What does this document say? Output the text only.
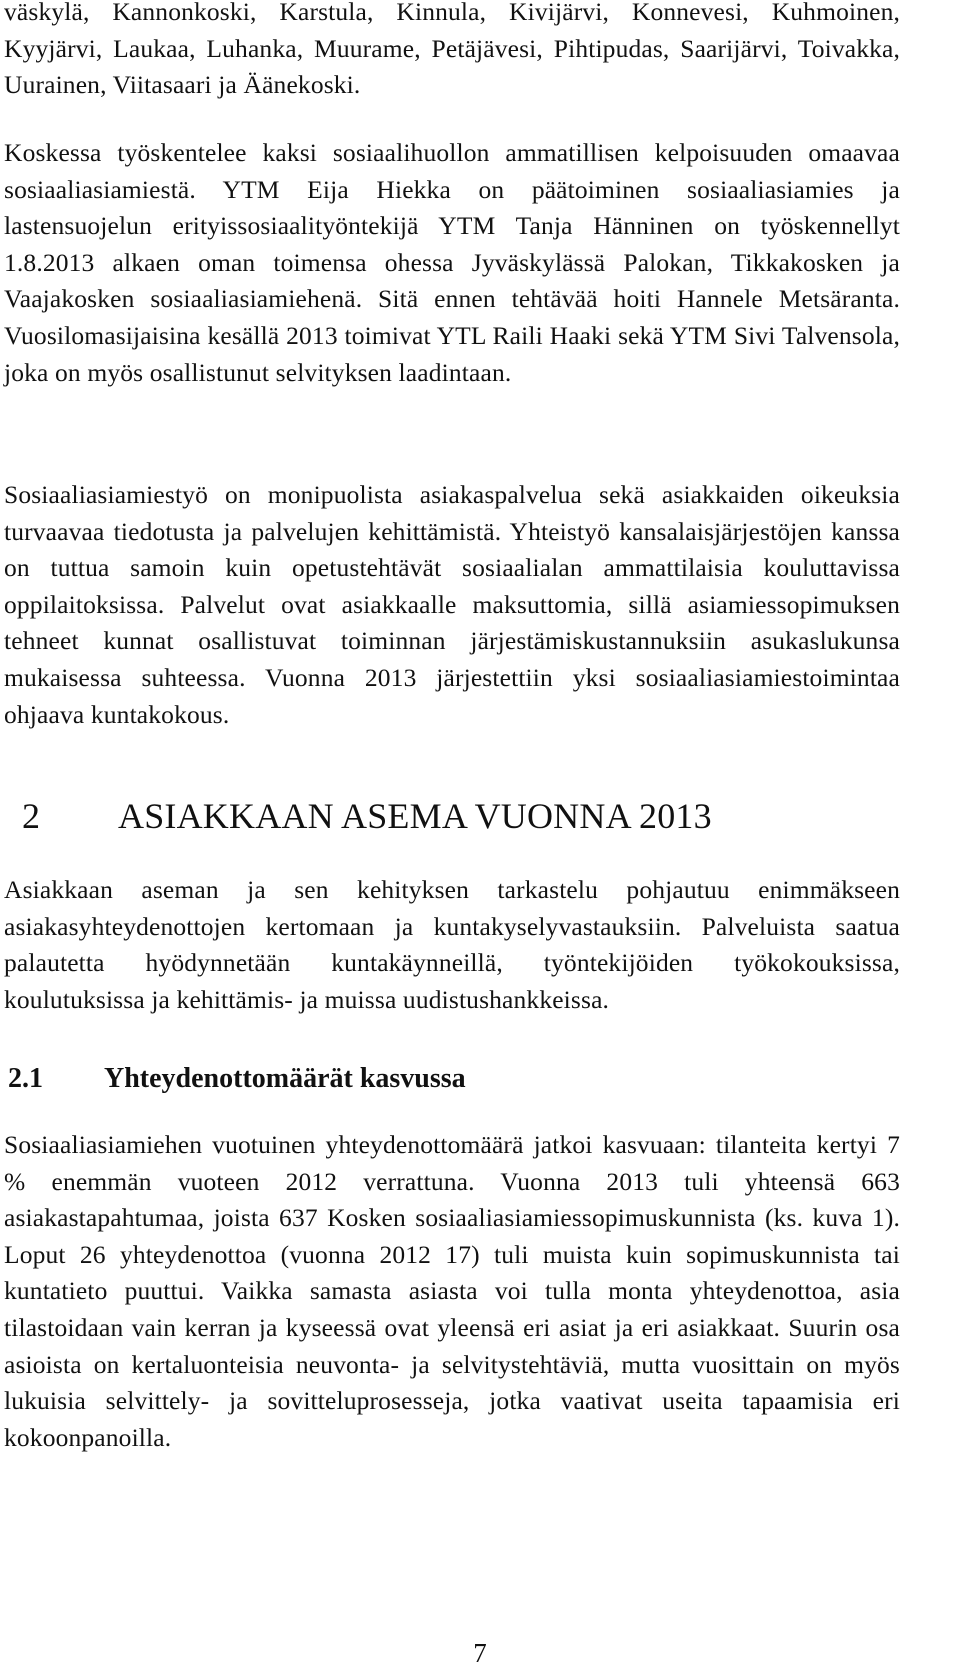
väskylä, Kannonkoski, Karstula, Kinnula, Kivijärvi, Konnevesi, Kuhmoinen, Kyyjärvi, Laukaa, Luhanka, Muurame, Petäjävesi, Pihtipudas, Saarijärvi, Toivakka, Uurainen, Viitasaari ja Äänekoski.

Koskessa työskentelee kaksi sosiaalihuollon ammatillisen kelpoisuuden omaavaa sosiaaliasiamiestä. YTM Eija Hiekka on päätoiminen sosiaaliasiamies ja lastensuojelun erityissosiaalityöntekijä YTM Tanja Hänninen on työskennellyt 1.8.2013 alkaen oman toimensa ohessa Jyväskylässä Palokan, Tikkakosken ja Vaajakosken sosiaaliasiamiehenä. Sitä ennen tehtävää hoiti Hannele Metsäranta. Vuosilomasijaisina kesällä 2013 toimivat YTL Raili Haaki sekä YTM Sivi Talvensola, joka on myös osallistunut selvityksen laadintaan.

Sosiaaliasiamiestyö on monipuolista asiakaspalvelua sekä asiakkaiden oikeuksia turvaavaa tiedotusta ja palvelujen kehittämistä. Yhteistyö kansalaisjärjestöjen kanssa on tuttua samoin kuin opetustehtävät sosiaalialan ammattilaisia kouluttavissa oppilaitoksissa. Palvelut ovat asiakkaalle maksuttomia, sillä asiamiessopimuksen tehneet kunnat osallistuvat toiminnan järjestämiskustannuksiin asukaslukunsa mukaisessa suhteessa. Vuonna 2013 järjestettiin yksi sosiaaliasiamiestoimintaa ohjaava kuntakokous.

2 ASIAKKAAN ASEMA VUONNA 2013

Asiakkaan aseman ja sen kehityksen tarkastelu pohjautuu enimmäkseen asiakasyhteydenottojen kertomaan ja kuntakyselyvastauksiin. Palveluista saatua palautetta hyödynnetään kuntakäynneillä, työntekijöiden työkokouksissa, koulutuksissa ja kehittämis- ja muissa uudistushankkeissa.

2.1 Yhteydenottomäärät kasvussa

Sosiaaliasiamiehen vuotuinen yhteydenottomäärä jatkoi kasvuaan: tilanteita kertyi 7 % enemmän vuoteen 2012 verrattuna. Vuonna 2013 tuli yhteensä 663 asiakastapahtumaa, joista 637 Kosken sosiaaliasiamiessopimuskunnista (ks. kuva 1). Loput 26 yhteydenottoa (vuonna 2012 17) tuli muista kuin sopimuskunnista tai kuntatieto puuttui. Vaikka samasta asiasta voi tulla monta yhteydenottoa, asia tilastoidaan vain kerran ja kyseessä ovat yleensä eri asiat ja eri asiakkaat. Suurin osa asioista on kertaluonteisia neuvonta- ja selvitystehtäviä, mutta vuosittain on myös lukuisia selvittely- ja sovitteluprosesseja, jotka vaativat useita tapaamisia eri kokoonpanoilla.

7
